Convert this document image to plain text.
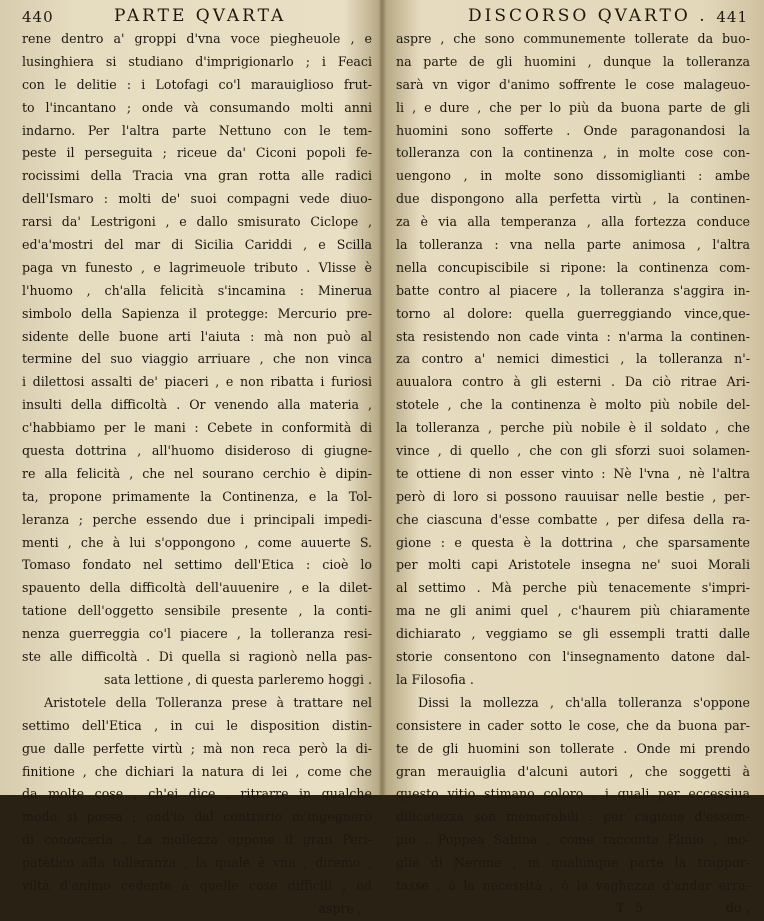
440	PARTE QVARTA
rene dentro a' groppi d'vna voce piegheuole , e
lusinghiera si studiano d'imprigionarlo ; i Feaci
con le delitie : i Lotofagi co'l marauiglioso frut-
to l'incantano ; onde và consumando molti anni
indarno. Per l'altra parte Nettuno con le tem-
peste il perseguita ; riceue da' Ciconi popoli fe-
rocissimi della Tracia vna gran rotta alle radici
dell'Ismaro : molti de' suoi compagni vede diuo-
rarsi da' Lestrigoni , e dallo smisurato Ciclope ,
ed'a'mostri del mar di Sicilia Cariddi , e Scilla
paga vn funesto , e lagrimeuole tributo . Vlisse è
l'huomo , ch'alla felicità s'incamina : Minerua
simbolo della Sapienza il protegge: Mercurio pre-
sidente delle buone arti l'aiuta : mà non può al
termine del suo viaggio arriuare , che non vinca
i dilettosi assalti de' piaceri , e non ribatta i furiosi
insulti della difficoltà . Or venendo alla materia ,
c'habbiamo per le mani : Cebete in conformità di
questa dottrina , all'huomo disideroso di giugne-
re alla felicità , che nel sourano cerchio è dipin-
ta, propone primamente la Continenza, e la Tol-
leranza ; perche essendo due i principali impedi-
menti , che à lui s'oppongono , come auuerte S.
Tomaso fondato nel settimo dell'Etica : cioè lo
spauento della difficoltà dell'auuenire , e la dilet-
tatione dell'oggetto sensibile presente , la conti-
nenza guerreggia co'l piacere , la tolleranza resi-
ste alle difficoltà . Di quella si ragionò nella pas-
sata lettione , di questa parleremo hoggi .
Aristotele della Tolleranza prese à trattare nel
settimo dell'Etica , in cui le disposition distin-
gue dalle perfette virtù ; mà non reca però la di-
finitione , che dichiari la natura di lei , come che
da molte cose , ch'ei dice , ritrarre in qualche
modo si possa ; ond'io dal contrario m'ingegnerò
di conoscerla . La mollezza oppone il gran Peri-
patetico alla tolleranza , la quale è vna , diremo ,
viltà d'animo cedente à quelle cose difficili , ed
aspre ,
DISCORSO QVARTO . 441
aspre , che sono communemente tollerate da buo-
na parte de gli huomini , dunque la tolleranza
sarà vn vigor d'animo soffrente le cose malageuo-
li , e dure , che per lo più da buona parte de gli
huomini sono sofferte . Onde paragonandosi la
tolleranza con la continenza , in molte cose con-
uengono , in molte sono dissomiglianti : ambe
due dispongono alla perfetta virtù , la continen-
za è via alla temperanza , alla fortezza conduce
la tolleranza : vna nella parte animosa , l'altra
nella concupiscibile si ripone: la continenza com-
batte contro al piacere , la tolleranza s'aggira in-
torno al dolore: quella guerreggiando vince,que-
sta resistendo non cade vinta : n'arma la continen-
za contro a' nemici dimestici , la tolleranza n'-
auualora contro à gli esterni . Da ciò ritrae Ari-
stotele , che la continenza è molto più nobile del-
la tolleranza , perche più nobile è il soldato , che
vince , di quello , che con gli sforzi suoi solamen-
te ottiene di non esser vinto : Nè l'vna , nè l'altra
però di loro si possono rauuisar nelle bestie , per-
che ciascuna d'esse combatte , per difesa della ra-
gione : e questa è la dottrina , che sparsamente
per molti capi Aristotele insegna ne' suoi Morali
al settimo . Mà perche più tenacemente s'impri-
ma ne gli animi quel , c'haurem più chiaramente
dichiarato , veggiamo se gli essempli tratti dalle
storie consentono con l'insegnamento datone dal-
la Filosofia .
Dissi la mollezza , ch'alla tolleranza s'oppone
consistere in cader sotto le cose, che da buona par-
te de gli huomini son tollerate . Onde mi prendo
gran merauiglia d'alcuni autori , che soggetti à
questo vitio stimano coloro , i quali per eccessiua
dilicatezza son memorabili : per cagione d'essem-
pio . Poppea Sabina , come racconta Plinio , mo-
glie di Nerone , in qualunque parte la trappor-
tasse , ò la necessità , ò la vaghezza d'andar erra-
T 5	do ,
